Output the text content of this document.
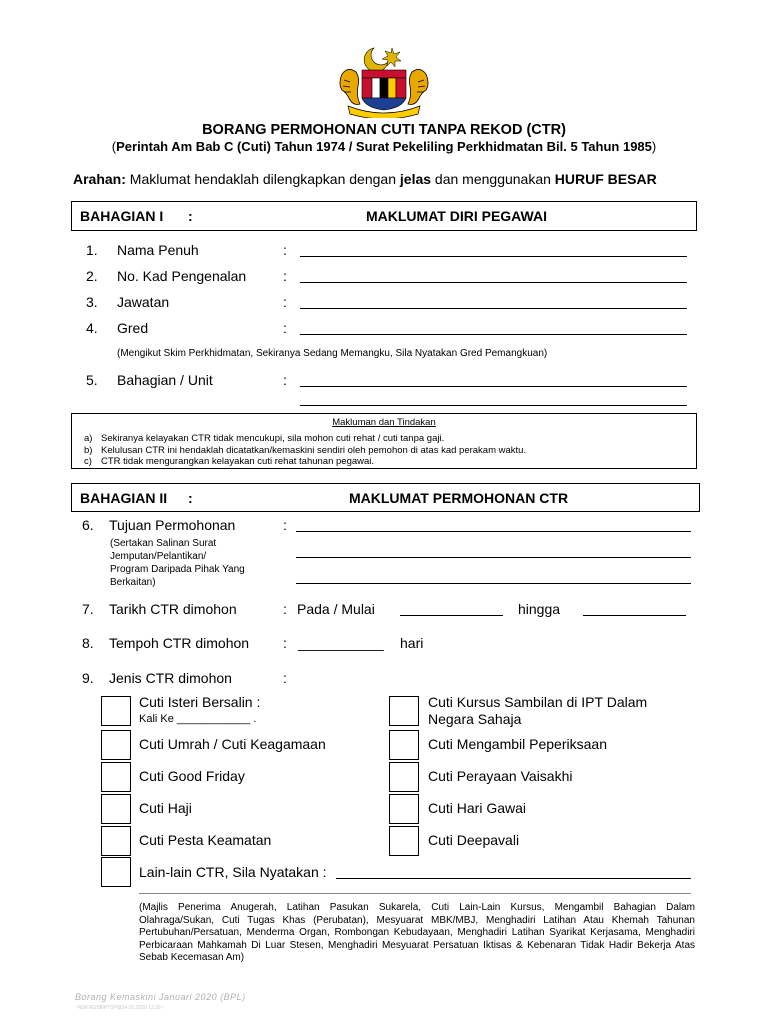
BORANG PERMOHONAN CUTI TANPA REKOD (CTR)
(Perintah Am Bab C (Cuti) Tahun 1974 / Surat Pekeliling Perkhidmatan Bil. 5 Tahun 1985)
Arahan: Maklumat hendaklah dilengkapkan dengan jelas dan menggunakan HURUF BESAR
BAHAGIAN I :	MAKLUMAT DIRI PEGAWAI
1. Nama Penuh	:
2. No. Kad Pengenalan	:
3. Jawatan	:
4. Gred	:
(Mengikut Skim Perkhidmatan, Sekiranya Sedang Memangku, Sila Nyatakan Gred Pemangkuan)
5. Bahagian / Unit	:
Makluman dan Tindakan
a) Sekiranya kelayakan CTR tidak mencukupi, sila mohon cuti rehat / cuti tanpa gaji.
b) Kelulusan CTR ini hendaklah dicatatkan/kemaskini sendiri oleh pemohon di atas kad perakam waktu.
c) CTR tidak mengurangkan kelayakan cuti rehat tahunan pegawai.
BAHAGIAN II :	MAKLUMAT PERMOHONAN CTR
6. Tujuan Permohonan	:
(Sertakan Salinan Surat
Jemputan/Pelantikan/
Program Daripada Pihak Yang
Berkaitan)
7. Tarikh CTR dimohon	: Pada / Mulai	hingga
8. Tempoh CTR dimohon : ___________ hari
9. Jenis CTR dimohon	:
Cuti Isteri Bersalin :
Kali Ke ____________ .
Cuti Umrah / Cuti Keagamaan
Cuti Good Friday
Cuti Haji
Cuti Pesta Keamatan
Lain-lain CTR, Sila Nyatakan :
Cuti Kursus Sambilan di IPT Dalam
Negara Sahaja
Cuti Mengambil Peperiksaan
Cuti Perayaan Vaisakhi
Cuti Hari Gawai
Cuti Deepavali
(Majlis Penerima Anugerah, Latihan Pasukan Sukarela, Cuti Lain-Lain Kursus, Mengambil Bahagian Dalam
Olahraga/Sukan, Cuti Tugas Khas (Perubatan), Mesyuarat MBK/MBJ, Menghadiri Latihan Atau Khemah Tahunan
Pertubuhan/Persatuan, Menderma Organ, Rombongan Kebudayaan, Menghadiri Latihan Syarikat Kerjasama, Menghadiri
Perbicaraan Mahkamah Di Luar Stesen, Menghadiri Mesyuarat Persatuan Iktisas & Kebenaran Tidak Hadir Bekerja Atas
Sebab Kecemasan Am)
Borang Kemaskini Januari 2020 (BPL)
~NUKI/6208/PTSP@14.01.2020 12:32~
